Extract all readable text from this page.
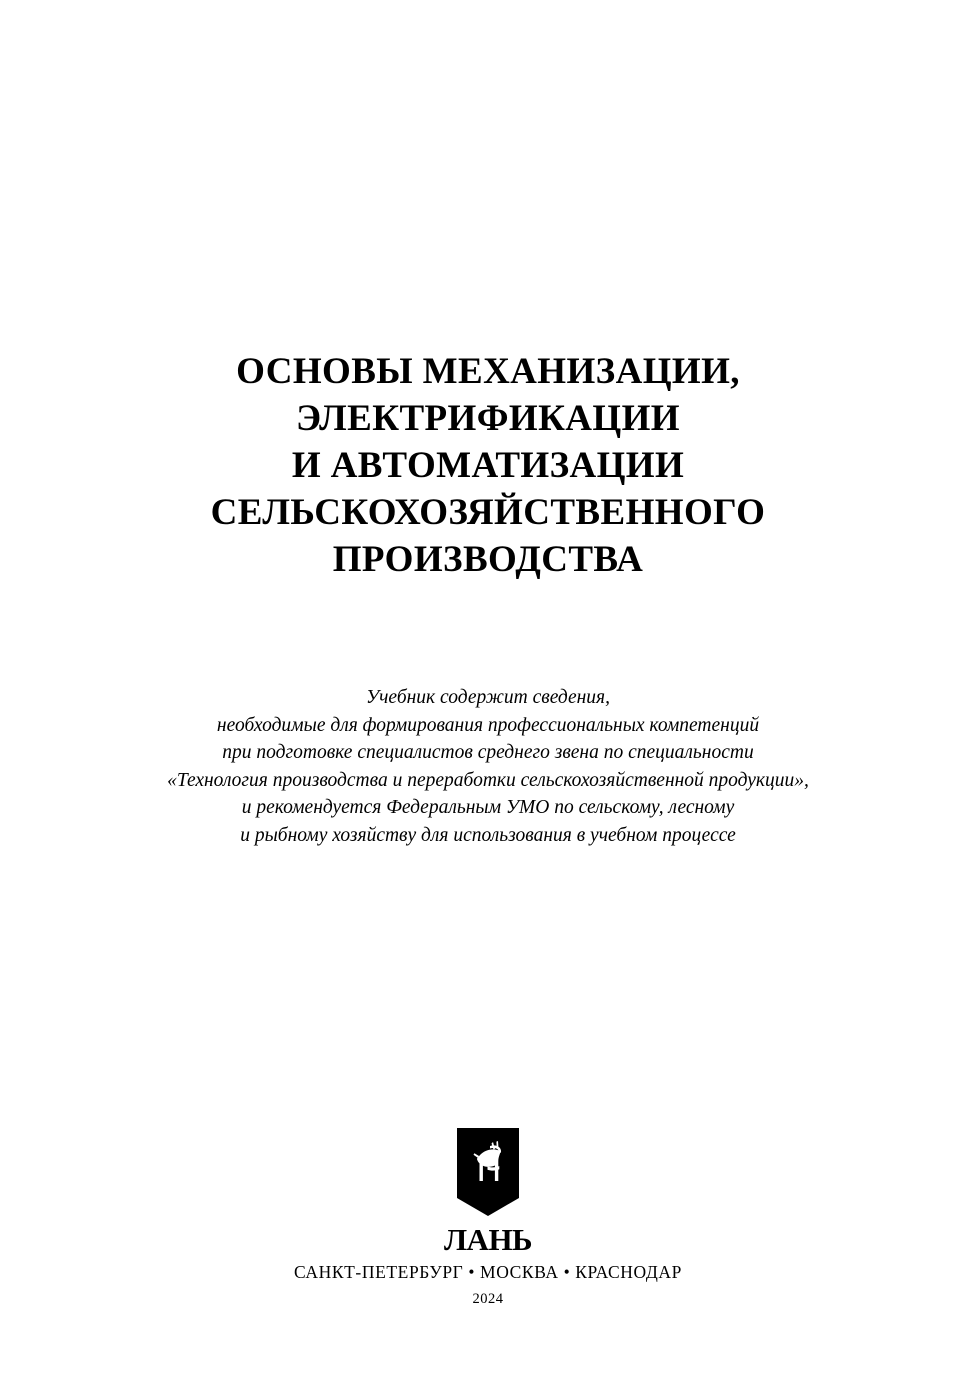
ОСНОВЫ МЕХАНИЗАЦИИ,
ЭЛЕКТРИФИКАЦИИ
И АВТОМАТИЗАЦИИ
СЕЛЬСКОХОЗЯЙСТВЕННОГО
ПРОИЗВОДСТВА
Учебник содержит сведения,
необходимые для формирования профессиональных компетенций
при подготовке специалистов среднего звена по специальности
«Технология производства и переработки сельскохозяйственной продукции»,
и рекомендуется Федеральным УМО по сельскому, лесному
и рыбному хозяйству для использования в учебном процессе
ЛАНЬ
САНКТ-ПЕТЕРБУРГ • МОСКВА • КРАСНОДАР
2024
